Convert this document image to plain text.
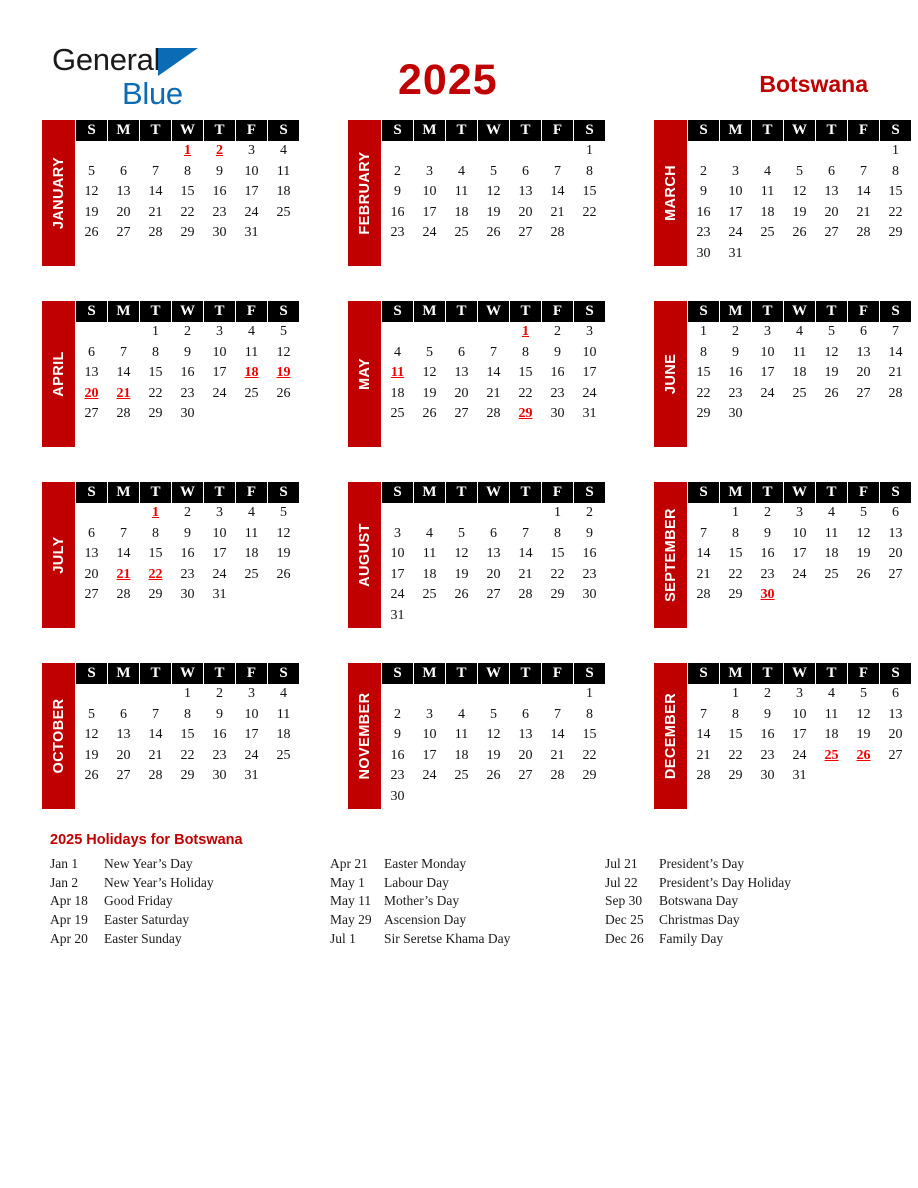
General
Blue	2025	Botswana
JANUARY
S	M	T	W	T	F	S
			1	2	3	4
5	6	7	8	9	10	11
12	13	14	15	16	17	18
19	20	21	22	23	24	25
26	27	28	29	30	31	
							FEBRUARY
S	M	T	W	T	F	S
						1
2	3	4	5	6	7	8
9	10	11	12	13	14	15
16	17	18	19	20	21	22
23	24	25	26	27	28	

MARCH
S	M	T	W	T	F	S
						1
2	3	4	5	6	7	8
9	10	11	12	13	14	15
16	17	18	19	20	21	22
23	24	25	26	27	28	29
30	31					
APRIL
S	M	T	W	T	F	S
		1	2	3	4	5
6	7	8	9	10	11	12
13	14	15	16	17	18	19
20	21	22	23	24	25	26
27	28	29	30			

MAY
S	M	T	W	T	F	S
				1	2	3
4	5	6	7	8	9	10
11	12	13	14	15	16	17
18	19	20	21	22	23	24
25	26	27	28	29	30	31

JUNE
S	M	T	W	T	F	S
1	2	3	4	5	6	7
8	9	10	11	12	13	14
15	16	17	18	19	20	21
22	23	24	25	26	27	28
29	30					

JULY
S	M	T	W	T	F	S
		1	2	3	4	5
6	7	8	9	10	11	12
13	14	15	16	17	18	19
20	21	22	23	24	25	26
27	28	29	30	31		

AUGUST
S	M	T	W	T	F	S
					1	2
3	4	5	6	7	8	9
10	11	12	13	14	15	16
17	18	19	20	21	22	23
24	25	26	27	28	29	30
31						
SEPTEMBER
S	M	T	W	T	F	S
	1	2	3	4	5	6
7	8	9	10	11	12	13
14	15	16	17	18	19	20
21	22	23	24	25	26	27
28	29	30				

OCTOBER
S	M	T	W	T	F	S
			1	2	3	4
5	6	7	8	9	10	11
12	13	14	15	16	17	18
19	20	21	22	23	24	25
26	27	28	29	30	31	
							NOVEMBER
S	M	T	W	T	F	S
						1
2	3	4	5	6	7	8
9	10	11	12	13	14	15
16	17	18	19	20	21	22
23	24	25	26	27	28	29
30						
DECEMBER
S	M	T	W	T	F	S
	1	2	3	4	5	6
7	8	9	10	11	12	13
14	15	16	17	18	19	20
21	22	23	24	25	26	27
28	29	30	31			

2025 Holidays for Botswana
Jan 1	New Year’s Day
Jan 2	New Year’s Holiday
Apr 18	Good Friday
Apr 19	Easter Saturday
Apr 20	Easter Sunday
Apr 21	Easter Monday
May 1	Labour Day
May 11 Mother’s Day
May 29 Ascension Day
Jul 1	Sir Seretse Khama Day
Jul 21	President’s Day
Jul 22	President’s Day Holiday
Sep 30	Botswana Day
Dec 25	Christmas Day
Dec 26	Family Day
